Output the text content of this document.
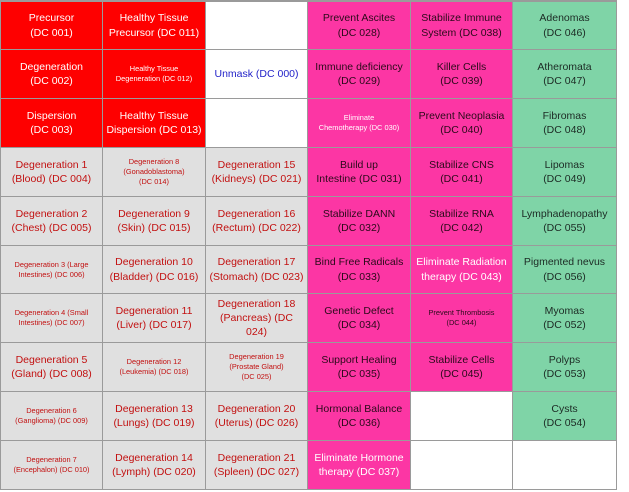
Precursor
(DC 001)
Degeneration
(DC 002)
Dispersion
(DC 003)
Degeneration 1
(Blood) (DC 004)
Degeneration 2
(Chest) (DC 005)
Degeneration 3 (Large
Intestines) (DC 006)
Degeneration 4 (Small
Intestines) (DC 007)
Degeneration 5
(Gland) (DC 008)
Degeneration 6
(Ganglioma) (DC 009)
Degeneration 7
(Encephalon) (DC 010)
Healthy Tissue
Precursor (DC 011)
Healthy Tissue
Degeneration (DC 012)
Healthy Tissue
Dispersion (DC 013)
Degeneration 8
(Gonadoblastoma)
(DC 014)
Degeneration 9
(Skin) (DC 015)
Degeneration 10
(Bladder) (DC 016)
Degeneration 11
(Liver) (DC 017)
Degeneration 12
(Leukemia) (DC 018)
Degeneration 13
(Lungs) (DC 019)
Degeneration 14
(Lymph) (DC 020)
Unmask (DC 000)
Degeneration 15
(Kidneys) (DC 021)
Degeneration 16
(Rectum) (DC 022)
Degeneration 17
(Stomach) (DC 023)
Degeneration 18
(Pancreas) (DC 024)
Degeneration 19
(Prostate Gland)
(DC 025)
Degeneration 20
(Uterus) (DC 026)
Degeneration 21
(Spleen) (DC 027)
Prevent Ascites
(DC 028)
Immune deficiency
(DC 029)
Eliminate
Chemotherapy (DC 030)
Build up
Intestine (DC 031)
Stabilize DANN
(DC 032)
Bind Free Radicals
(DC 033)
Genetic Defect
(DC 034)
Support Healing
(DC 035)
Hormonal Balance
(DC 036)
Eliminate Hormone
therapy (DC 037)
Stabilize Immune
System (DC 038)
Killer Cells
(DC 039)
Prevent Neoplasia
(DC 040)
Stabilize CNS
(DC 041)
Stabilize RNA
(DC 042)
Eliminate Radiation
therapy (DC 043)
Prevent Thrombosis
(DC 044)
Stabilize Cells
(DC 045)
Adenomas
(DC 046)
Atheromata
(DC 047)
Fibromas
(DC 048)
Lipomas
(DC 049)
Lymphadenopathy
(DC 055)
Pigmented nevus
(DC 056)
Myomas
(DC 052)
Polyps
(DC 053)
Cysts
(DC 054)
